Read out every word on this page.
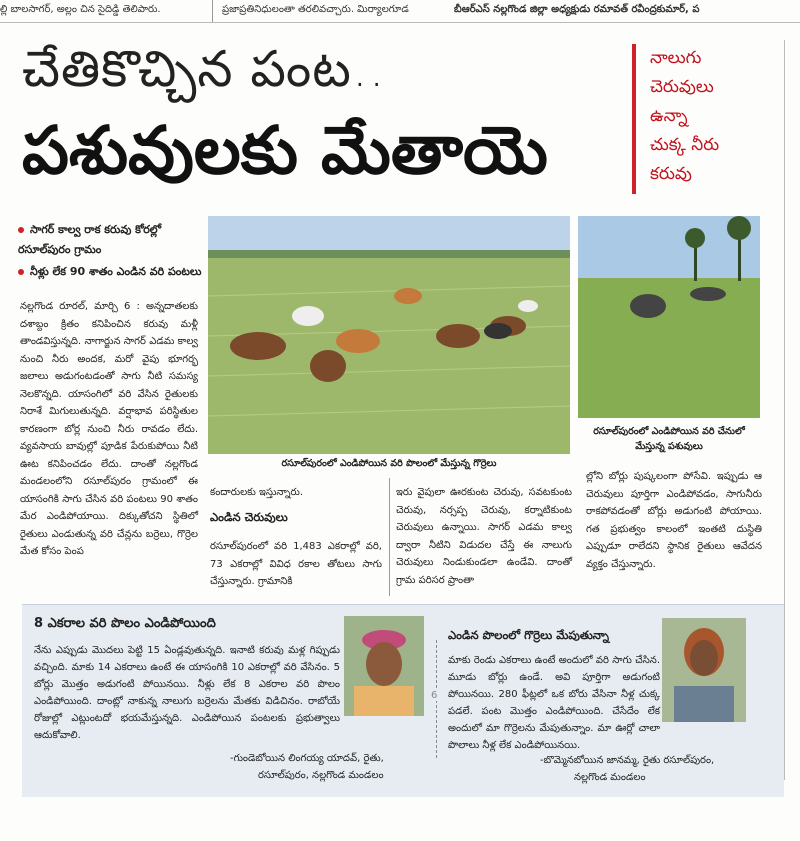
ల్లి బాలసాగర్, అల్లం చిన సైదిడ్డి తెలిపారు.	ప్రజాప్రతినిధులంతా తరలివచ్చారు. మిర్యాలగూడ	బీఆర్ఎస్ నల్లగొండ జిల్లా అధ్యక్షుడు రమావత్ రవీంద్రకుమార్, ప
చేతికొచ్చిన పంట..
పశువులకు మేతాయె
నాలుగు
చెరువులు
ఉన్నా
చుక్క నీరు
కరువు
సాగర్ కాల్వ రాక కరువు కోరల్లో రసూల్‌పురం గ్రామం
నీళ్లు లేక 90 శాతం ఎండిన వరి పంటలు
నల్లగొండ రూరల్, మార్చి 6 : అన్నదాతలకు దశాబ్దం క్రితం కనిపించిన కరువు మళ్లీ తాండవిస్తున్నది. నాగార్జున సాగర్ ఎడమ కాల్వ నుంచి నీరు అందక, మరో వైపు భూగర్భ జలాలు అడుగంటడంతో సాగు నీటి సమస్య నెలకొన్నది. యాసంగిలో వరి వేసిన రైతులకు నిరాశే మిగులుతున్నది. వర్షాభావ పరిస్థితుల కారణంగా బోర్ల నుంచి నీరు రావడం లేదు. వ్యవసాయ బావుల్లో పూడిక పేరుకుపోయి నీటి ఊట కనిపించడం లేదు. దాంతో నల్లగొండ మండలంలోని రసూల్‌పురం గ్రామంలో ఈ యాసంగికి సాగు చేసిన వరి పంటలు 90 శాతం మేర ఎండిపోయాయి. దిక్కుతోచని స్థితిలో రైతులు ఎండుతున్న వరి చేన్లను బర్రెలు, గొర్రెల మేత కోసం పెంప
రసూల్‌పురంలో ఎండిపోయిన వరి పొలంలో మేస్తున్న గొర్రెలు
రసూల్‌పురంలో ఎండిపోయిన వరి చేనులో మేస్తున్న పశువులు
కందారులకు ఇస్తున్నారు.
ఎండిన చెరువులు
రసూల్‌పురంలో వరి 1,483 ఎకరాల్లో వరి, 73 ఎకరాల్లో వివిధ రకాల తోటలు సాగు చేస్తున్నారు. గ్రామానికి
ఇరు వైపులా ఊరకుంట చెరువు, సవటకుంట చెరువు, నర్సప్ప చెరువు, కర్నాటికుంట చెరువులు ఉన్నాయి. సాగర్ ఎడమ కాల్వ ద్వారా నీటిని విడుదల చేస్తే ఈ నాలుగు చెరువులు నిండుకుండలా ఉండేవి. దాంతో గ్రామ పరిసర ప్రాంతా
ల్లోని బోర్లు పుష్కలంగా పోసేవి. ఇప్పుడు ఆ చెరువులు పూర్తిగా ఎండిపోవడం, సాగునీరు రాకపోవడంతో బోర్లు అడుగంటి పోయాయి. గత ప్రభుత్వం కాలంలో ఇంతటి దుస్థితి ఎప్పుడూ రాలేదని స్థానిక రైతులు ఆవేదన వ్యక్తం చేస్తున్నారు.
8 ఎకరాల వరి పొలం ఎండిపోయింది
నేను ఎప్పుడు మొదలు పెట్టి 15 ఏండ్లవుతున్నది. ఇనాటి కరువు మళ్ల గిప్పుడు వచ్చింది. మాకు 14 ఎకరాలు ఉంటే ఈ యాసంగికి 10 ఎకరాల్లో వరి వేసినం. 5 బోర్లు మొత్తం అడుగంటి పోయినయి. నీళ్లు లేక 8 ఎకరాల వరి పొలం ఎండిపోయింది. దాంట్లో నాకున్న నాలుగు బర్రెలను మేతకు విడిచినం. రాబోయే రోజుల్లో ఎట్లుంటదో భయమేస్తున్నది. ఎండిపోయిన పంటలకు ప్రభుత్వాలు ఆదుకోవాలి.
-గుండెబోయిన లింగయ్య యాదవ్, రైతు,
రసూల్‌పురం, నల్లగొండ మండలం
6
ఎండిన పొలంలో గొర్రెలు మేపుతున్నా
మాకు రెండు ఎకరాలు ఉంటే అందులో వరి సాగు చేసిన. మూడు బోర్లు ఉండే. అవి పూర్తిగా అడుగంటి పోయినయి. 280 ఫీట్లలో ఒక బోరు వేసినా నీళ్ల చుక్క పడలే. పంట మొత్తం ఎండిపోయింది. చేసేదేం లేక అందులో మా గొర్రెలను మేపుతున్నాం. మా ఊర్లో చాలా పొలాలు నీళ్ల లేక ఎండిపోయినయి.
-బొమ్మెనబోయిన జానమ్మ, రైతు రసూల్‌పురం,
నల్లగొండ మండలం
